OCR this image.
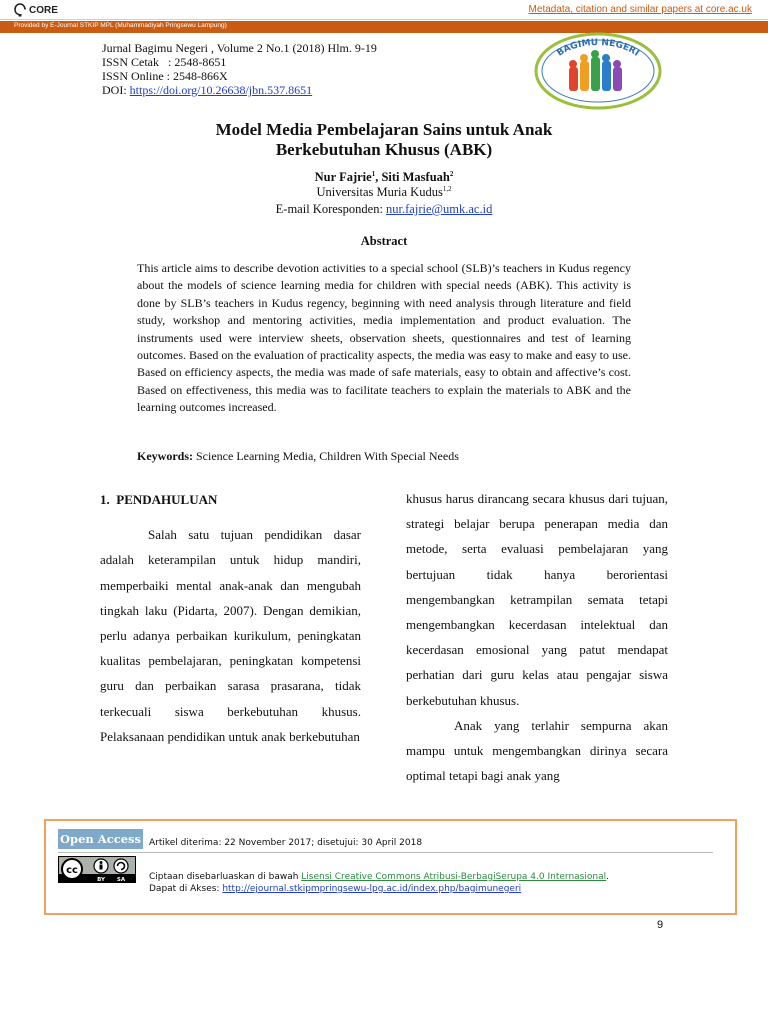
CORE	Metadata, citation and similar papers at core.ac.uk
Provided by E-Journal STKIP MPL (Muhammadiyah Pringsewu Lampung)
Jurnal Bagimu Negeri , Volume 2 No.1 (2018) Hlm. 9-19
ISSN Cetak   : 2548-8651
ISSN Online : 2548-866X
DOI: https://doi.org/10.26638/jbn.537.8651
BAGIMU NEGERI
Model Media Pembelajaran Sains untuk Anak
Berkebutuhan Khusus (ABK)
Nur Fajrie$^1$, Siti Masfuah$^2$
Universitas Muria Kudus$^{1,2}$
E-mail Koresponden: nur.fajrie@umk.ac.id
Abstract
This article aims to describe devotion activities to a special school (SLB)’s teachers in Kudus regency about the models of science learning media for children with special needs (ABK). This activity is done by SLB’s teachers in Kudus regency, beginning with need analysis through literature and field study, workshop and mentoring activities, media implementation and product evaluation. The instruments used were interview sheets, observation sheets, questionnaires and test of learning outcomes. Based on the evaluation of practicality aspects, the media was easy to make and easy to use. Based on efficiency aspects, the media was made of safe materials, easy to obtain and affective’s cost. Based on effectiveness, this media was to facilitate teachers to explain the materials to ABK and the learning outcomes increased.
Keywords: Science Learning Media, Children With Special Needs
1.  PENDAHULUAN

Salah satu tujuan pendidikan dasar adalah keterampilan untuk hidup mandiri, memperbaiki mental anak-anak dan mengubah tingkah laku (Pidarta, 2007). Dengan demikian, perlu adanya perbaikan kurikulum, peningkatan kualitas pembelajaran, peningkatan kompetensi guru dan perbaikan sarasa prasarana, tidak terkecuali siswa berkebutuhan khusus. Pelaksanaan pendidikan untuk anak berkebutuhan

khusus harus dirancang secara khusus dari tujuan, strategi belajar berupa penerapan media dan metode, serta evaluasi pembelajaran yang bertujuan tidak hanya berorientasi mengembangkan ketrampilan semata tetapi mengembangkan kecerdasan intelektual dan kecerdasan emosional yang patut mendapat perhatian dari guru kelas atau pengajar siswa berkebutuhan khusus.

Anak yang terlahir sempurna akan mampu untuk mengembangkan dirinya secara optimal tetapi bagi anak yang

Open Access Artikel diterima: 22 November 2017; disetujui: 30 April 2018
cc
BY SA	Ciptaan disebarluaskan di bawah Lisensi Creative Commons Atribusi-BerbagiSerupa 4.0 Internasional.
Dapat di Akses: http://ejournal.stkipmpringsewu-lpg.ac.id/index.php/bagimunegeri
9
